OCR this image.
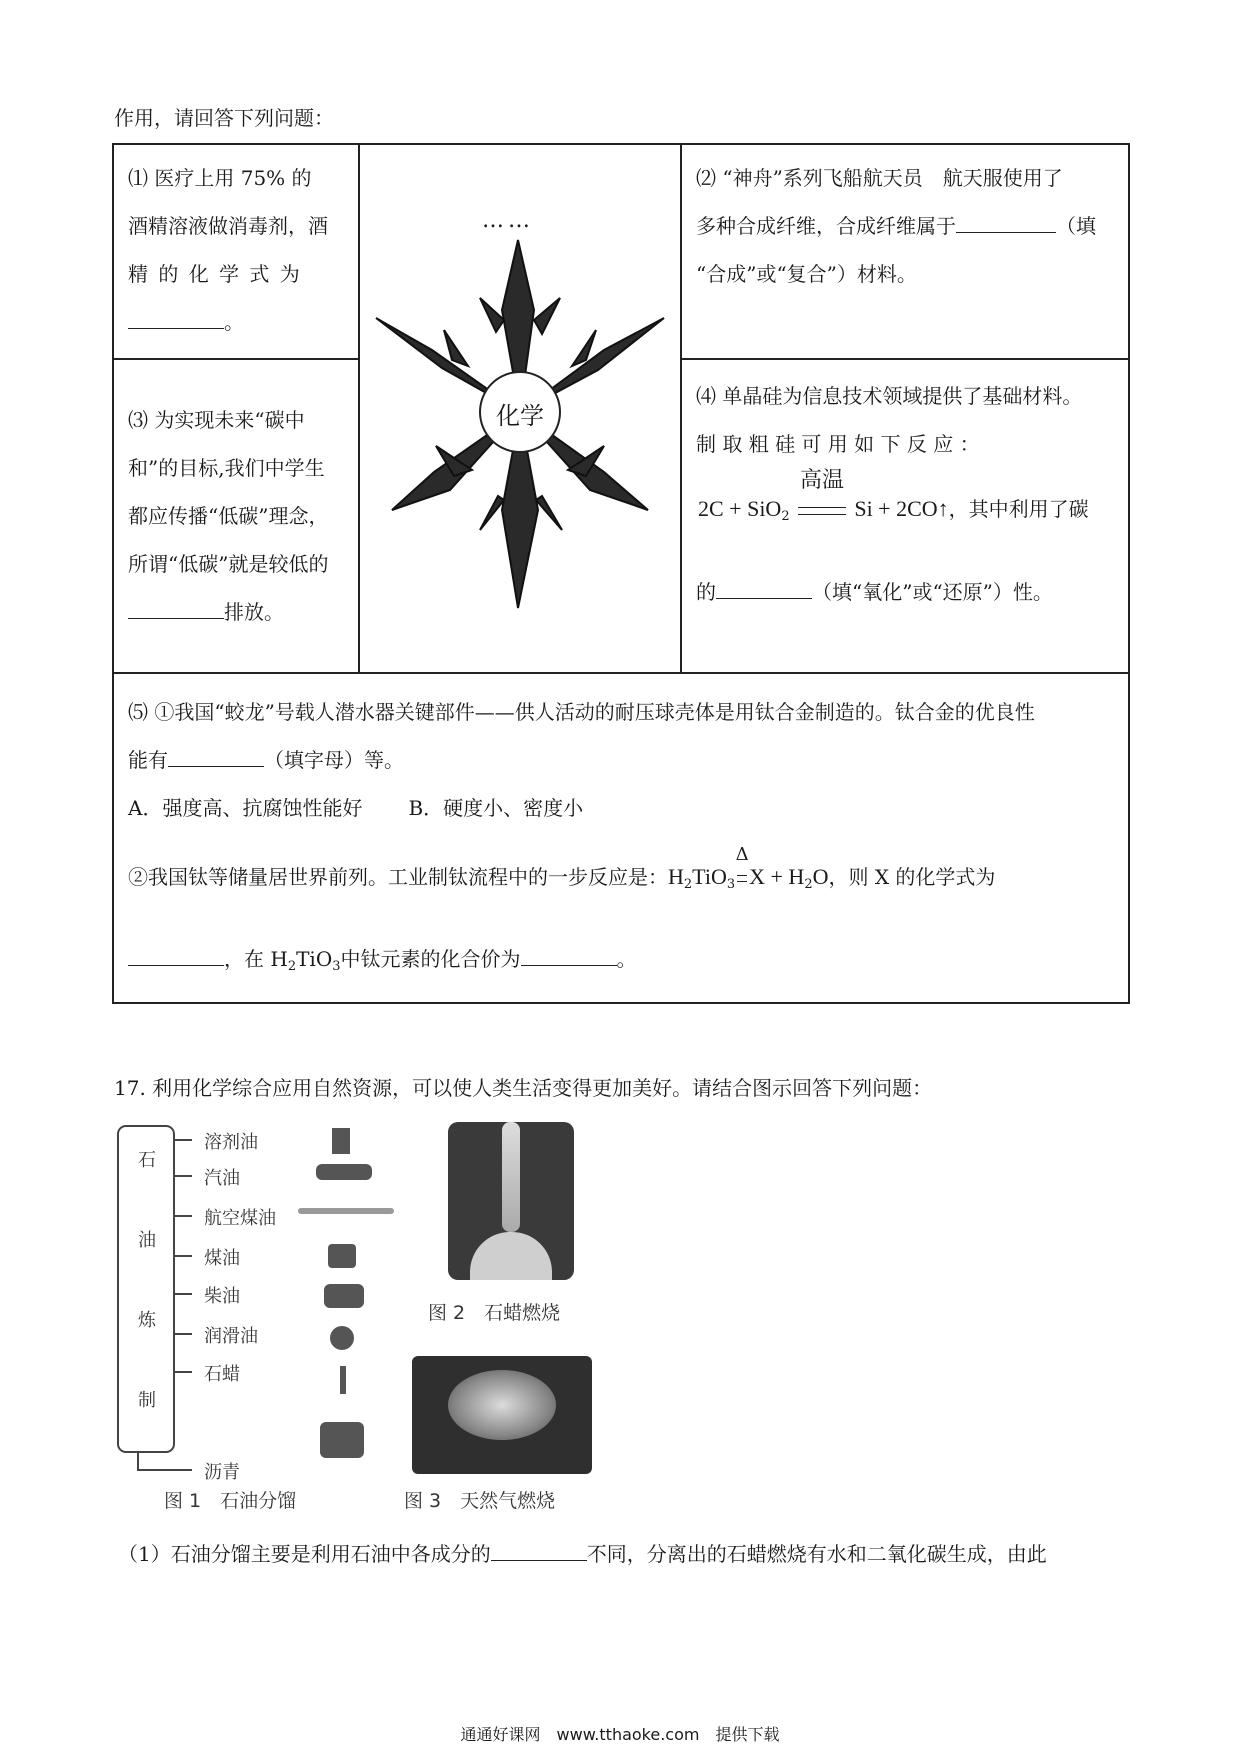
作用，请回答下列问题：
⑴ 医疗上用 75% 的
酒精溶液做消毒剂，酒
精 的 化 学 式 为
。
……
化学
⑵ “神舟”系列飞船航天员　航天服使用了
多种合成纤维，合成纤维属于	（填
“合成”或“复合”）材料。
⑶ 为实现未来“碳中
和”的目标,我们中学生
都应传播“低碳”理念，
所谓“低碳”就是较低的
排放。
⑷ 单晶硅为信息技术领域提供了基础材料。
制 取 粗 硅 可 用 如 下 反 应 ：
2C + SiO$_2$
高温
Si + 2CO↑，其中利用了碳
的	（填“氧化”或“还原”）性。
⑸ ①我国“蛟龙”号载人潜水器关键部件——供人活动的耐压球壳体是用钛合金制造的。钛合金的优良性
能有	（填字母）等。
A．强度高、抗腐蚀性能好 B．硬度小、密度小
②我国钛等储量居世界前列。工业制钛流程中的一步反应是：$H_2TiO_3$
Δ
$X + H_2O$，则 X 的化学式为
，在 $H_2TiO_3$中钛元素的化合价为	。
17. 利用化学综合应用自然资源，可以使人类生活变得更加美好。请结合图示回答下列问题：
石
油
炼
制
溶剂油
汽油
航空煤油
煤油
柴油
润滑油
石蜡
沥青
图 1　石油分馏
图 2　石蜡燃烧
图 3　天然气燃烧
（1）石油分馏主要是利用石油中各成分的	不同，分离出的石蜡燃烧有水和二氧化碳生成，由此
通通好课网　www.tthaoke.com　提供下载
